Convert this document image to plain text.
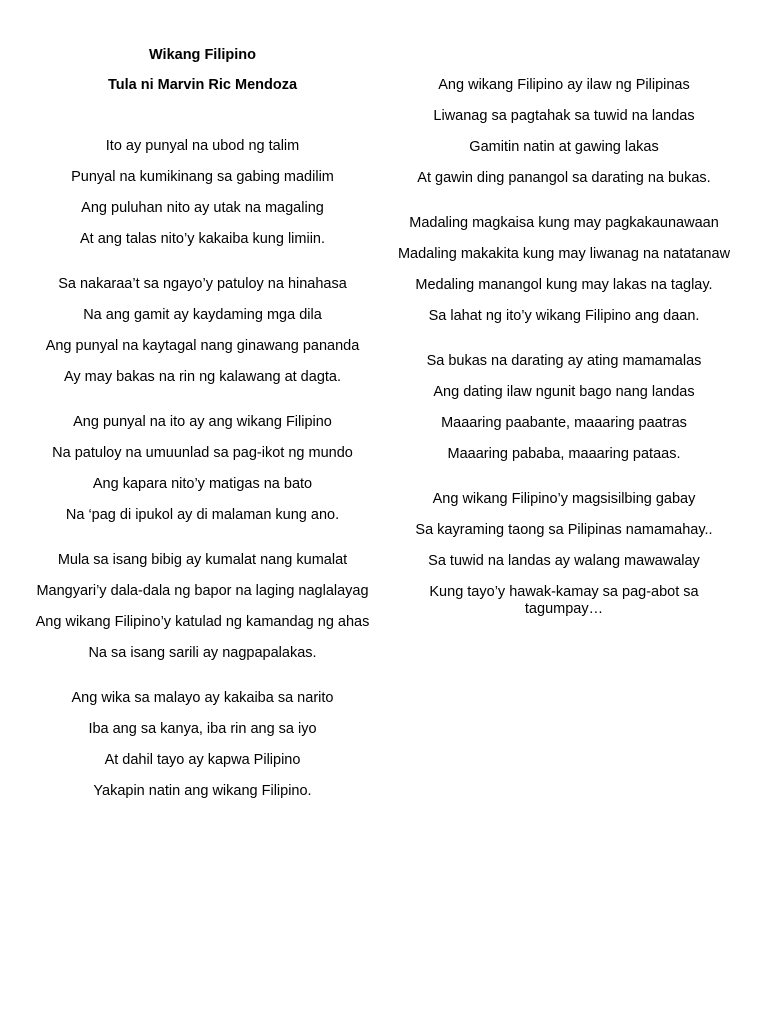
Wikang Filipino
Tula ni Marvin Ric Mendoza
Ito ay punyal na ubod ng talim
Punyal na kumikinang sa gabing madilim
Ang puluhan nito ay utak na magaling
At ang talas nito’y kakaiba kung limiin.
Sa nakaraa’t sa ngayo’y patuloy na hinahasa
Na ang gamit ay kaydaming mga dila
Ang punyal na kaytagal nang ginawang pananda
Ay may bakas na rin ng kalawang at dagta.
Ang punyal na ito ay ang wikang Filipino
Na patuloy na umuunlad sa pag-ikot ng mundo
Ang kapara nito’y matigas na bato
Na ‘pag di ipukol ay di malaman kung ano.
Mula sa isang bibig ay kumalat nang kumalat
Mangyari’y dala-dala ng bapor na laging naglalayag
Ang wikang Filipino’y katulad ng kamandag ng ahas
Na sa isang sarili ay nagpapalakas.
Ang wika sa malayo ay kakaiba sa narito
Iba ang sa kanya, iba rin ang sa iyo
At dahil tayo ay kapwa Pilipino
Yakapin natin ang wikang Filipino.
Ang wikang Filipino ay ilaw ng Pilipinas
Liwanag sa pagtahak sa tuwid na landas
Gamitin natin at gawing lakas
At gawin ding panangol sa darating na bukas.
Madaling magkaisa kung may pagkakaunawaan
Madaling makakita kung may liwanag na natatanaw
Medaling manangol kung may lakas na taglay.
Sa lahat ng ito’y wikang Filipino ang daan.
Sa bukas na darating ay ating mamamalas
Ang dating ilaw ngunit bago nang landas
Maaaring paabante, maaaring paatras
Maaaring pababa, maaaring pataas.
Ang wikang Filipino’y magsisilbing gabay
Sa kayraming taong sa Pilipinas namamahay..
Sa tuwid na landas ay walang mawawalay
Kung tayo’y hawak-kamay sa pag-abot sa tagumpay…
